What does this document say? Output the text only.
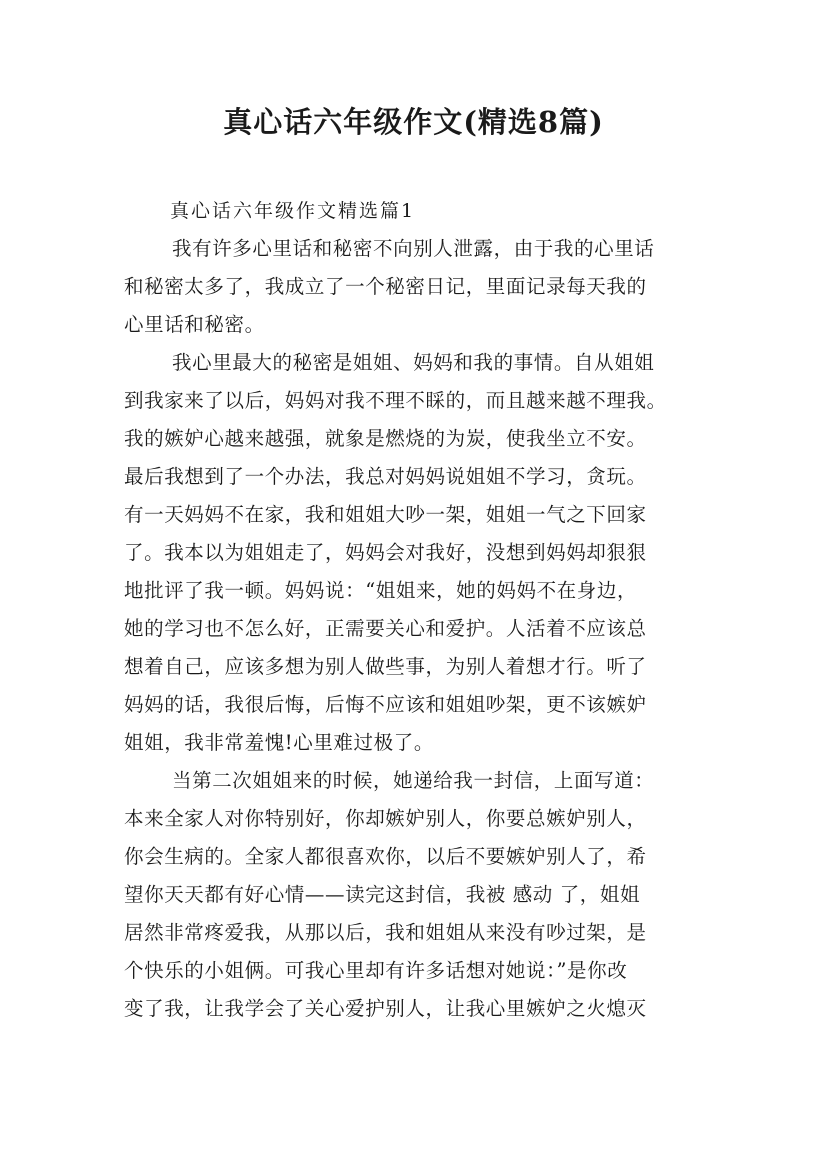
真心话六年级作文(精选8篇)
真心话六年级作文精选篇1
我有许多心里话和秘密不向别人泄露，由于我的心里话
和秘密太多了，我成立了一个秘密日记，里面记录每天我的
心里话和秘密。
我心里最大的秘密是姐姐、妈妈和我的事情。自从姐姐
到我家来了以后，妈妈对我不理不睬的，而且越来越不理我。
我的嫉妒心越来越强，就象是燃烧的为炭，使我坐立不安。
最后我想到了一个办法，我总对妈妈说姐姐不学习，贪玩。
有一天妈妈不在家，我和姐姐大吵一架，姐姐一气之下回家
了。我本以为姐姐走了，妈妈会对我好，没想到妈妈却狠狠
地批评了我一顿。妈妈说：“姐姐来，她的妈妈不在身边，
她的学习也不怎么好，正需要关心和爱护。人活着不应该总
想着自己，应该多想为别人做些事，为别人着想才行。听了
妈妈的话，我很后悔，后悔不应该和姐姐吵架，更不该嫉妒
姐姐，我非常羞愧!心里难过极了。
当第二次姐姐来的时候，她递给我一封信，上面写道：
本来全家人对你特别好，你却嫉妒别人，你要总嫉妒别人，
你会生病的。全家人都很喜欢你，以后不要嫉妒别人了，希
望你天天都有好心情——读完这封信，我被 感动 了，姐姐
居然非常疼爱我，从那以后，我和姐姐从来没有吵过架，是
个快乐的小姐俩。可我心里却有许多话想对她说：”是你改
变了我，让我学会了关心爱护别人，让我心里嫉妒之火熄灭
